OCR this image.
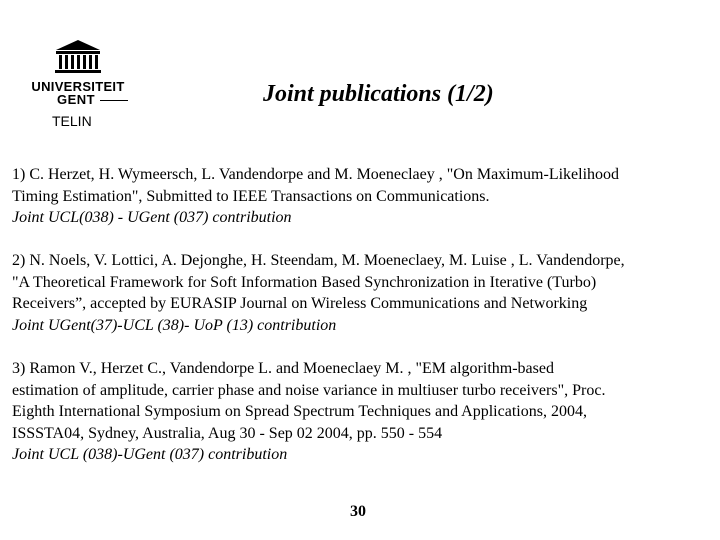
UNIVERSITEIT
GENT
TELIN
Joint publications (1/2)
1) C. Herzet, H. Wymeersch, L. Vandendorpe and M. Moeneclaey , "On Maximum-Likelihood
Timing Estimation", Submitted to IEEE Transactions on Communications.
Joint UCL(038) - UGent (037) contribution
2) N. Noels, V. Lottici, A. Dejonghe, H. Steendam, M. Moeneclaey, M. Luise , L. Vandendorpe,
"A Theoretical Framework for Soft Information Based Synchronization in Iterative (Turbo)
Receivers”, accepted by EURASIP Journal on Wireless Communications and Networking
Joint UGent(37)-UCL (38)- UoP (13) contribution
3) Ramon V., Herzet C., Vandendorpe L. and Moeneclaey M. , "EM algorithm-based
estimation of amplitude, carrier phase and noise variance in multiuser turbo receivers", Proc.
Eighth International Symposium on Spread Spectrum Techniques and Applications, 2004,
ISSSTA04, Sydney, Australia, Aug 30 - Sep 02 2004, pp. 550 - 554
Joint UCL (038)-UGent (037) contribution
30
